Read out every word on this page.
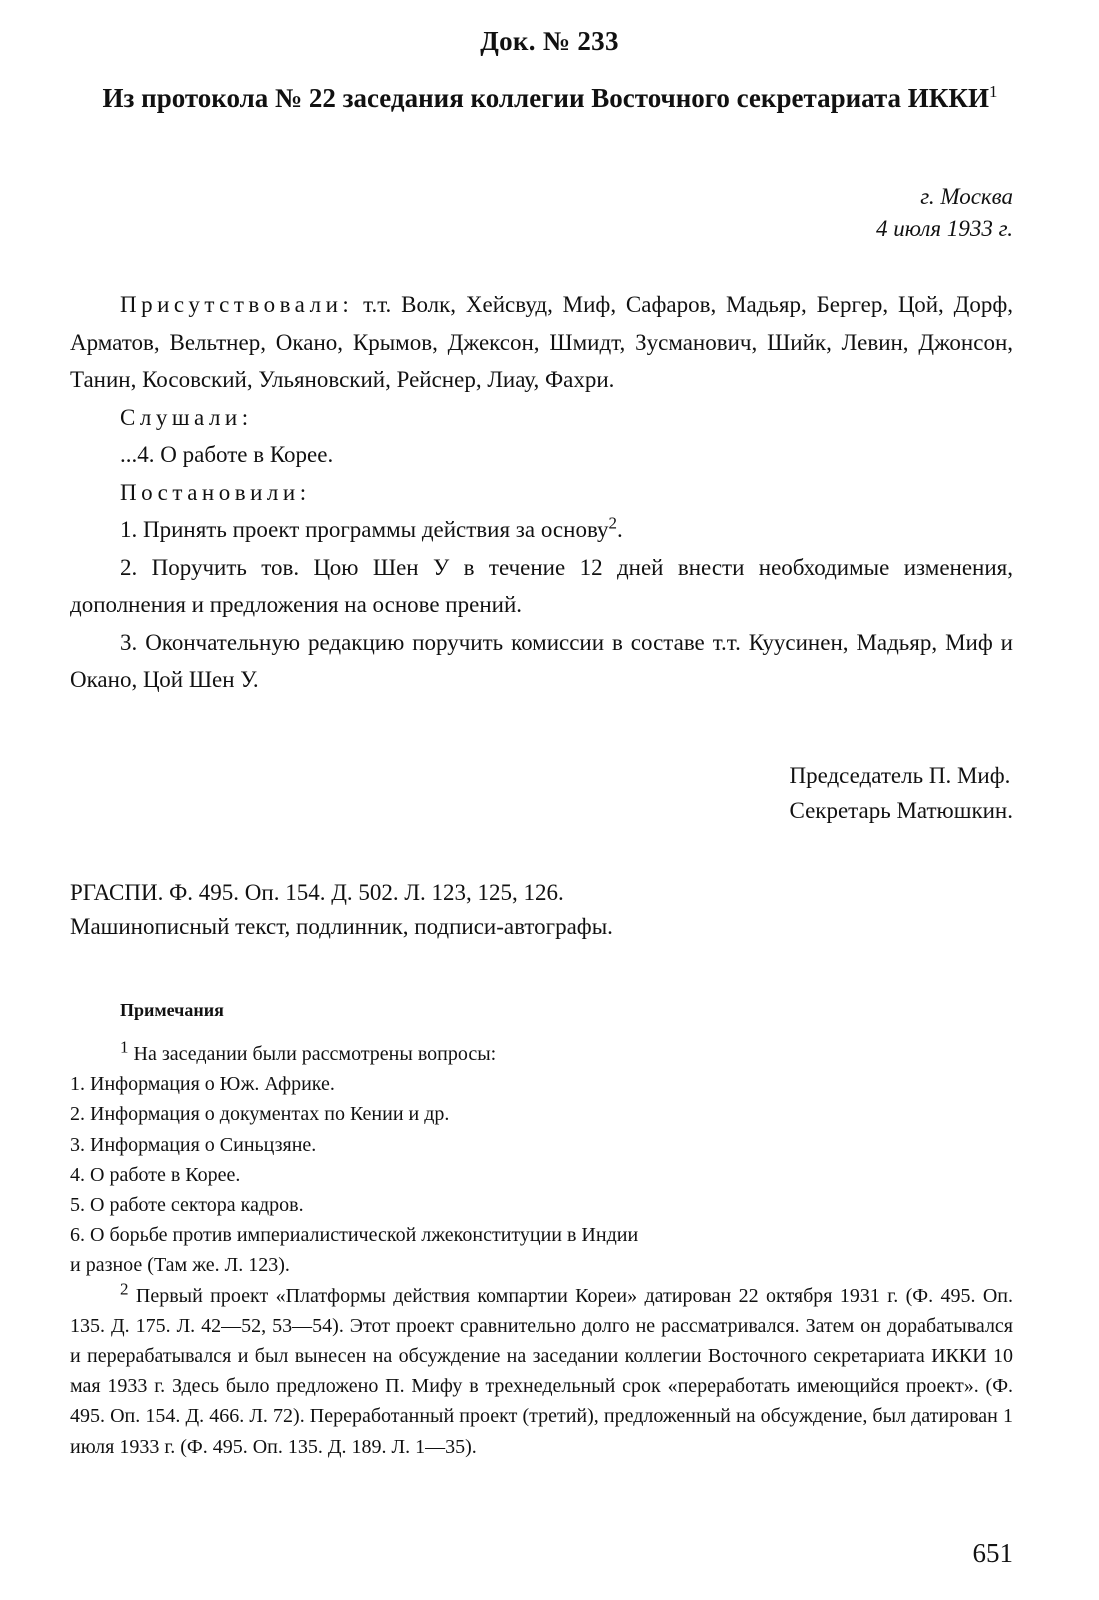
Док. № 233
Из протокола № 22 заседания коллегии Восточного секретариата ИККИ$^1$
г. Москва
4 июля 1933 г.

Присутствовали: т.т. Волк, Хейсвуд, Миф, Сафаров, Мадьяр, Бергер, Цой, Дорф, Арматов, Вельтнер, Окано, Крымов, Джексон, Шмидт, Зусманович, Шийк, Левин, Джонсон, Танин, Косовский, Ульяновский, Рейснер, Лиау, Фахри.

Слушали:

...4. О работе в Корее.

Постановили:

1. Принять проект программы действия за основу$^2$.

2. Поручить тов. Цою Шен У в течение 12 дней внести необходимые изменения, дополнения и предложения на основе прений.

3. Окончательную редакцию поручить комиссии в составе т.т. Куусинен, Мадьяр, Миф и Окано, Цой Шен У.

Председатель П. Миф.
Секретарь Матюшкин.
РГАСПИ. Ф. 495. Оп. 154. Д. 502. Л. 123, 125, 126.
Машинописный текст, подлинник, подписи-автографы.
Примечания

$^1$ На заседании были рассмотрены вопросы:

1. Информация о Юж. Африке.

2. Информация о документах по Кении и др.

3. Информация о Синьцзяне.

4. О работе в Корее.

5. О работе сектора кадров.

6. О борьбе против империалистической лжеконституции в Индии

и разное (Там же. Л. 123).

$^2$ Первый проект «Платформы действия компартии Кореи» датирован 22 октября 1931 г. (Ф. 495. Оп. 135. Д. 175. Л. 42—52, 53—54). Этот проект сравнительно долго не рассматривался. Затем он дорабатывался и перерабатывался и был вынесен на обсуждение на заседании коллегии Восточного секретариата ИККИ 10 мая 1933 г. Здесь было предложено П. Мифу в трехнедельный срок «переработать имеющийся проект». (Ф. 495. Оп. 154. Д. 466. Л. 72). Переработанный проект (третий), предложенный на обсуждение, был датирован 1 июля 1933 г. (Ф. 495. Оп. 135. Д. 189. Л. 1—35).

651
